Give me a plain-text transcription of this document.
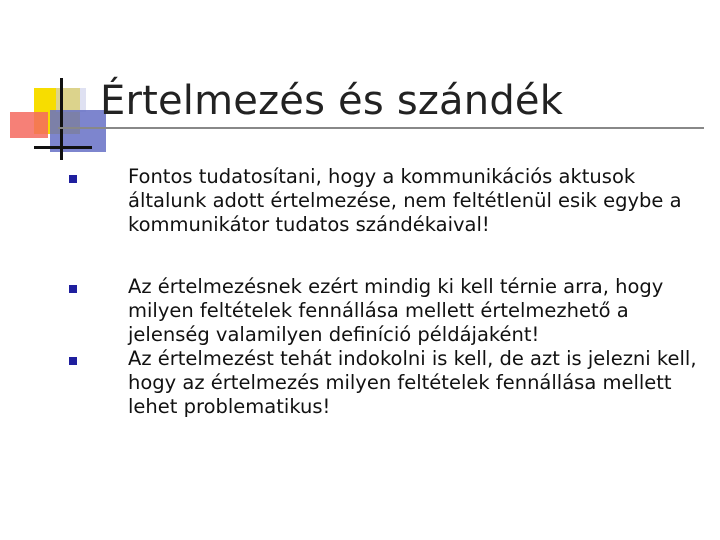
Értelmezés és szándék
Fontos tudatosítani, hogy a kommunikációs aktusok általunk adott értelmezése, nem feltétlenül esik egybe a kommunikátor tudatos szándékaival!
Az értelmezésnek ezért mindig ki kell térnie arra, hogy milyen feltételek fennállása mellett értelmezhető a jelenség valamilyen definíció példájaként!
Az értelmezést tehát indokolni is kell, de azt is jelezni kell, hogy az értelmezés milyen feltételek fennállása mellett lehet problematikus!
